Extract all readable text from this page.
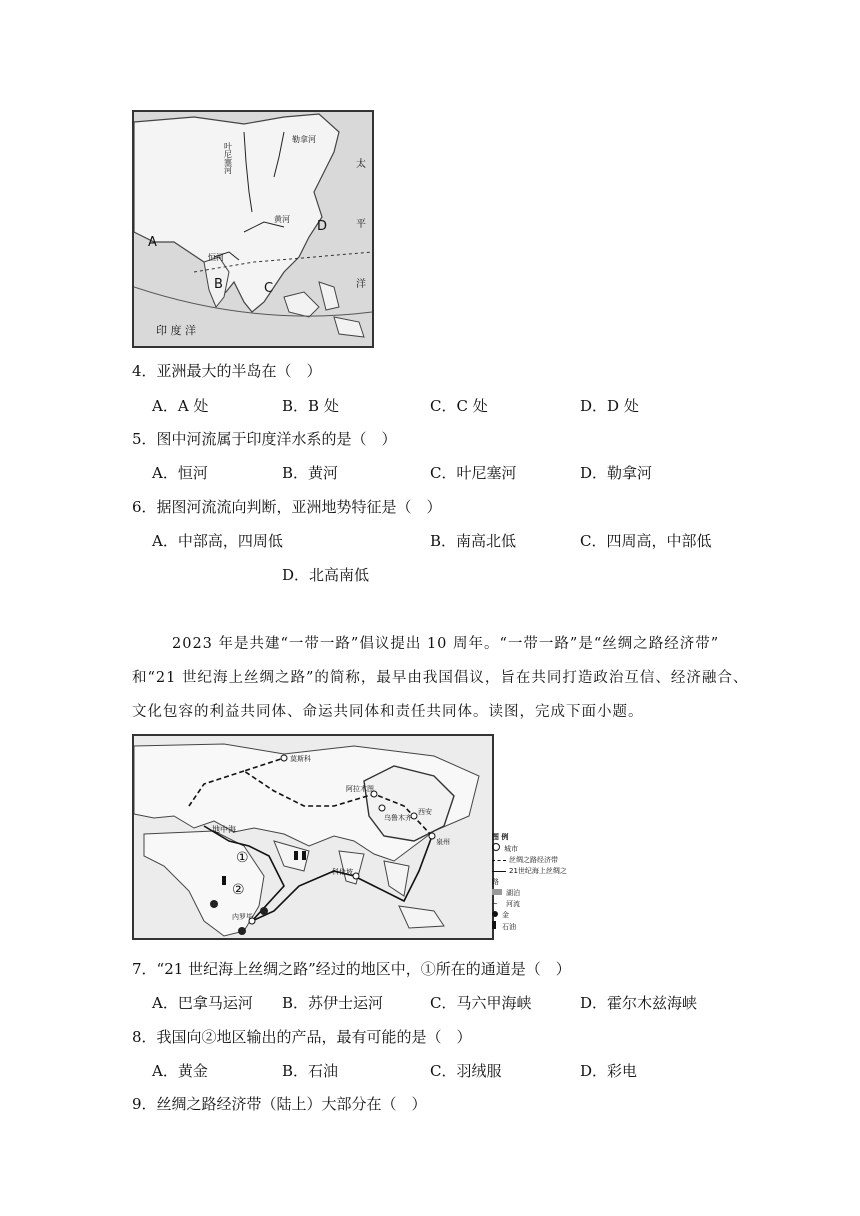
太
平
洋
印 度 洋
叶尼塞河
勒拿河
黄河
恒河
A
B	C
D
4．亚洲最大的半岛在（　）
A．A 处	B．B 处	C．C 处	D．D 处
5．图中河流属于印度洋水系的是（　）
A．恒河	B．黄河	C．叶尼塞河	D．勒拿河
6．据图河流流向判断，亚洲地势特征是（　）
A．中部高，四周低	B．南高北低	C．四周高，中部低
D．北高南低
2023 年是共建“一带一路”倡议提出 10 周年。“一带一路”是“丝绸之路经济带”
和“21 世纪海上丝绸之路”的简称，最早由我国倡议，旨在共同打造政治互信、经济融合、
文化包容的利益共同体、命运共同体和责任共同体。读图，完成下面小题。
莫斯科
地中海
阿拉木图
乌鲁木齐
西安
泉州
科伦坡
内罗毕
①
②
图 例
城市
丝绸之路经济带
21世纪海上丝绸之路
湖泊
~ 河流
金
石油
7．“21 世纪海上丝绸之路”经过的地区中，①所在的通道是（　）
A．巴拿马运河 B．苏伊士运河	C．马六甲海峡	D．霍尔木兹海峡
8．我国向②地区输出的产品，最有可能的是（　）
A．黄金	B．石油	C．羽绒服	D．彩电
9．丝绸之路经济带（陆上）大部分在（　）
